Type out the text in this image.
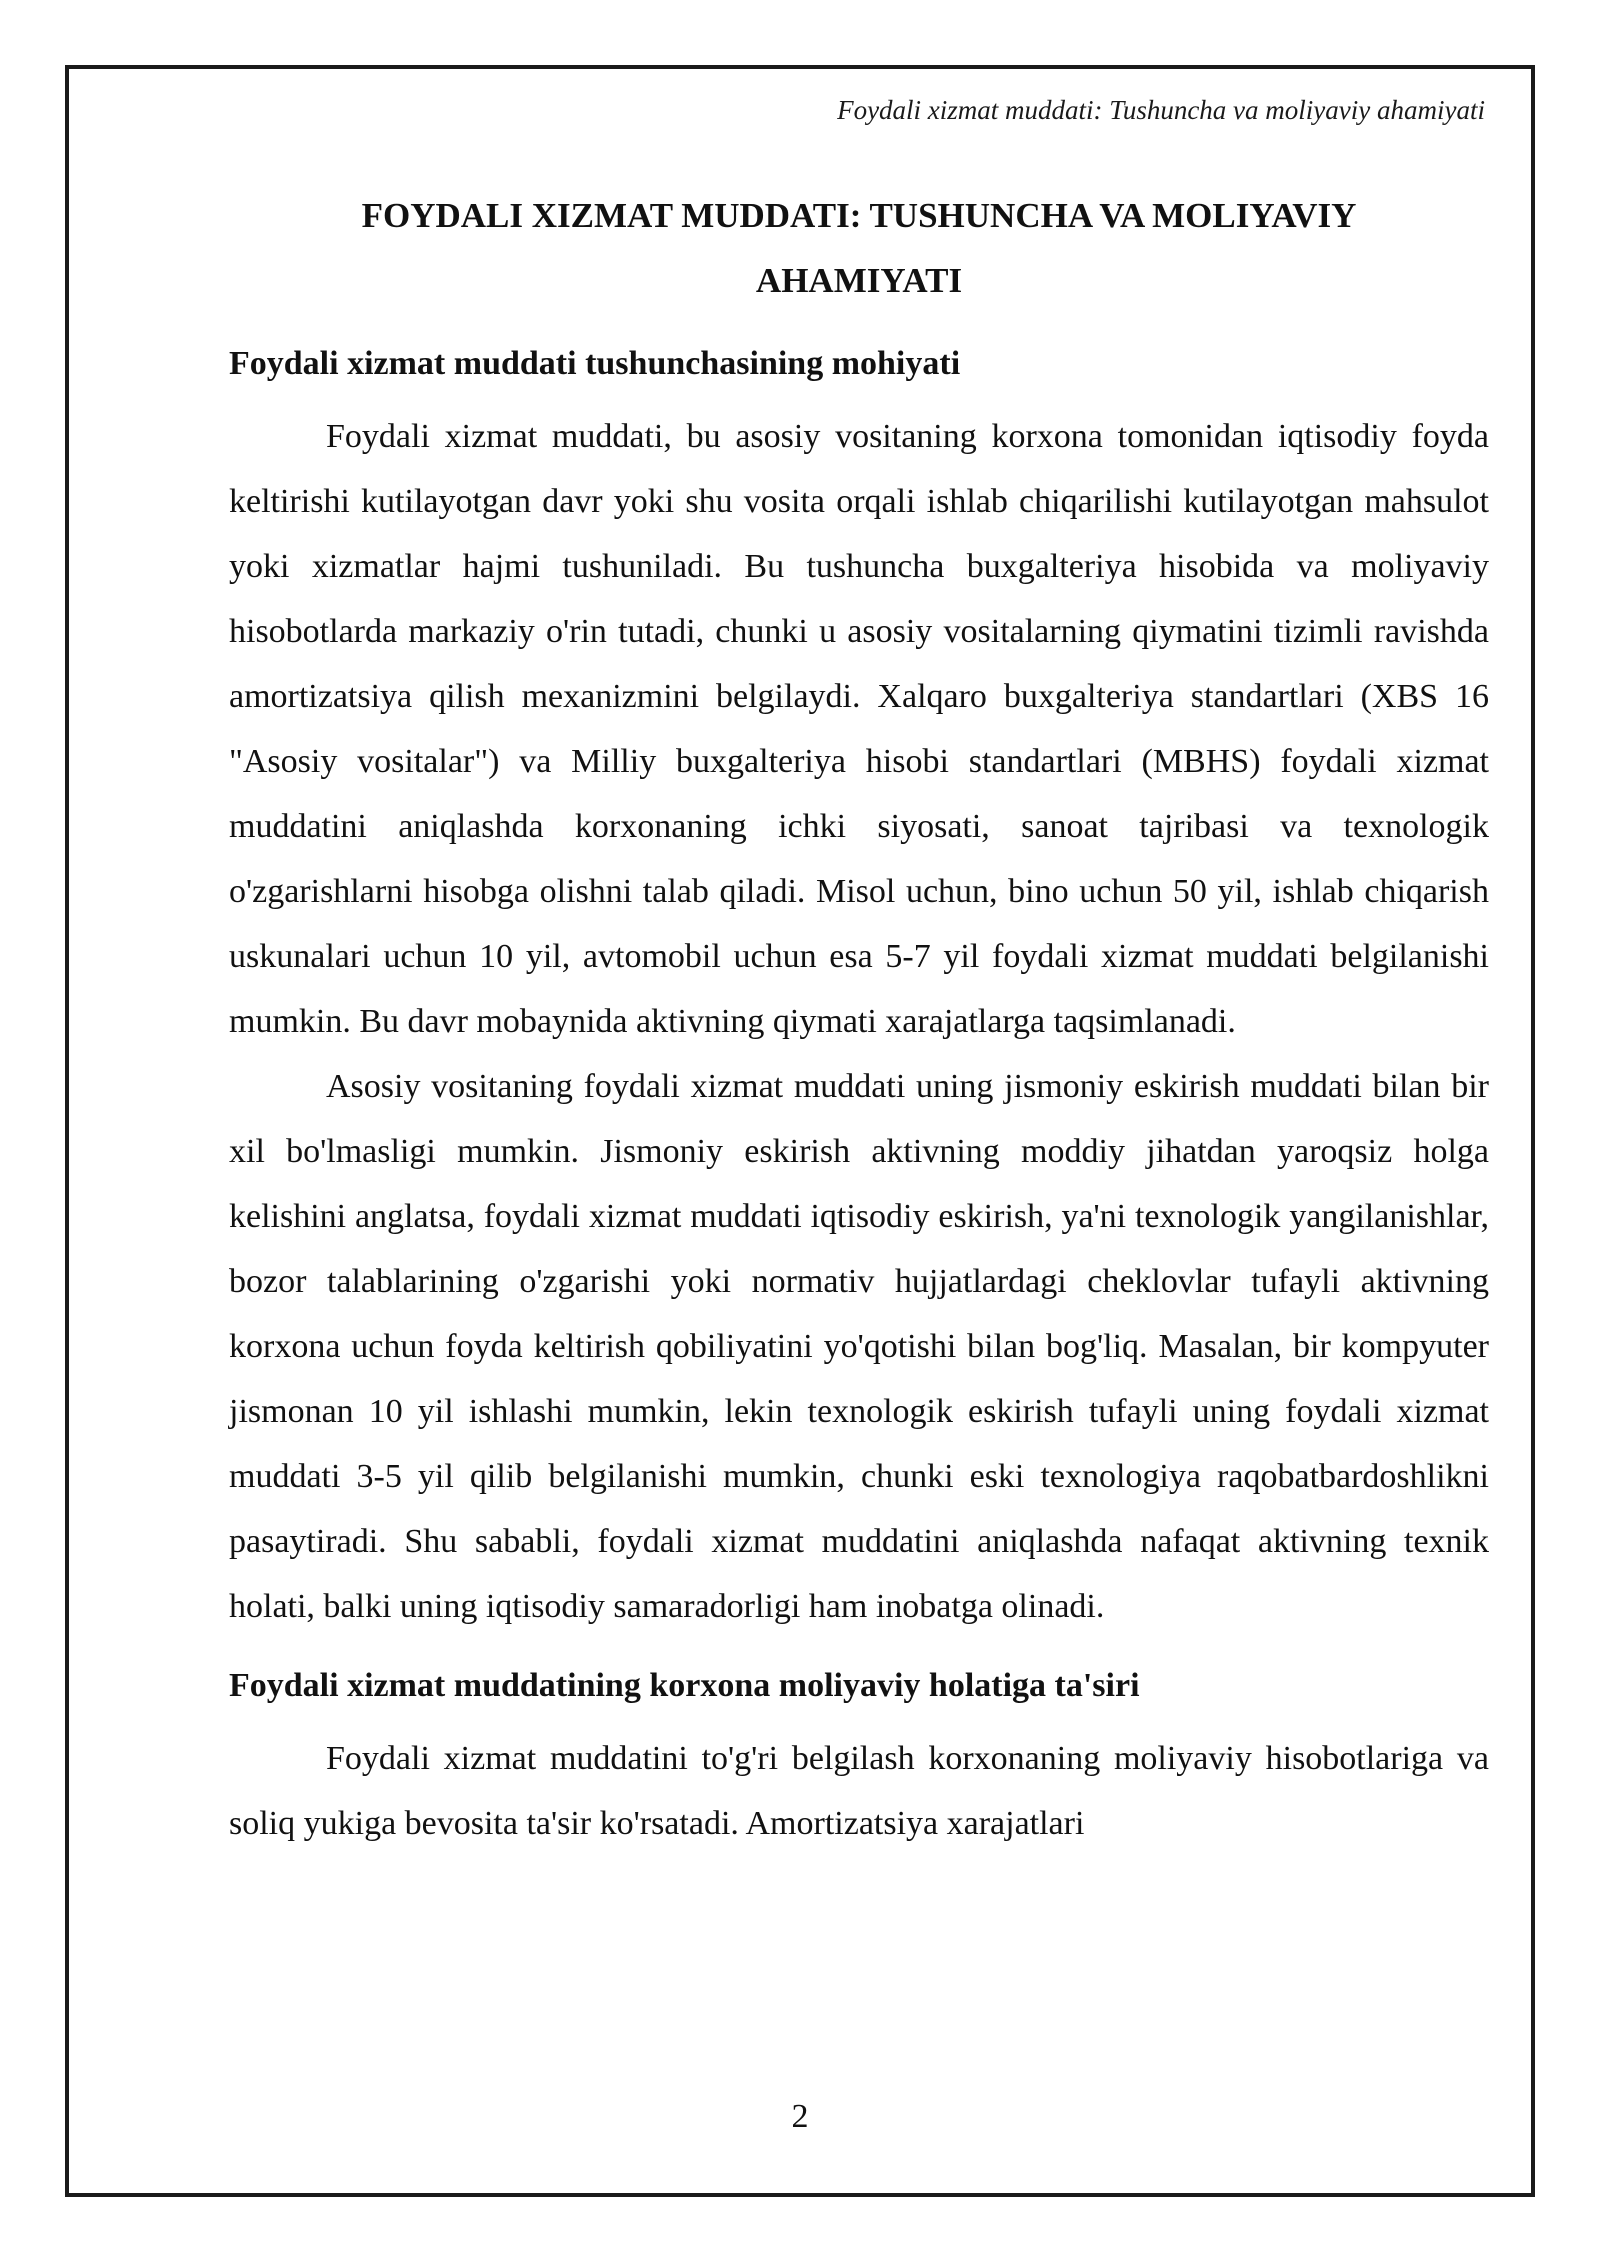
Foydali xizmat muddati: Tushuncha va moliyaviy ahamiyati
FOYDALI XIZMAT MUDDATI: TUSHUNCHA VA MOLIYAVIY AHAMIYATI
Foydali xizmat muddati tushunchasining mohiyati

Foydali xizmat muddati, bu asosiy vositaning korxona tomonidan iqtisodiy foyda keltirishi kutilayotgan davr yoki shu vosita orqali ishlab chiqarilishi kutilayotgan mahsulot yoki xizmatlar hajmi tushuniladi. Bu tushuncha buxgalteriya hisobida va moliyaviy hisobotlarda markaziy o'rin tutadi, chunki u asosiy vositalarning qiymatini tizimli ravishda amortizatsiya qilish mexanizmini belgilaydi. Xalqaro buxgalteriya standartlari (XBS 16 "Asosiy vositalar") va Milliy buxgalteriya hisobi standartlari (MBHS) foydali xizmat muddatini aniqlashda korxonaning ichki siyosati, sanoat tajribasi va texnologik o'zgarishlarni hisobga olishni talab qiladi. Misol uchun, bino uchun 50 yil, ishlab chiqarish uskunalari uchun 10 yil, avtomobil uchun esa 5-7 yil foydali xizmat muddati belgilanishi mumkin. Bu davr mobaynida aktivning qiymati xarajatlarga taqsimlanadi.

Asosiy vositaning foydali xizmat muddati uning jismoniy eskirish muddati bilan bir xil bo'lmasligi mumkin. Jismoniy eskirish aktivning moddiy jihatdan yaroqsiz holga kelishini anglatsa, foydali xizmat muddati iqtisodiy eskirish, ya'ni texnologik yangilanishlar, bozor talablarining o'zgarishi yoki normativ hujjatlardagi cheklovlar tufayli aktivning korxona uchun foyda keltirish qobiliyatini yo'qotishi bilan bog'liq. Masalan, bir kompyuter jismonan 10 yil ishlashi mumkin, lekin texnologik eskirish tufayli uning foydali xizmat muddati 3-5 yil qilib belgilanishi mumkin, chunki eski texnologiya raqobatbardoshlikni pasaytiradi. Shu sababli, foydali xizmat muddatini aniqlashda nafaqat aktivning texnik holati, balki uning iqtisodiy samaradorligi ham inobatga olinadi.

Foydali xizmat muddatining korxona moliyaviy holatiga ta'siri

Foydali xizmat muddatini to'g'ri belgilash korxonaning moliyaviy hisobotlariga va soliq yukiga bevosita ta'sir ko'rsatadi. Amortizatsiya xarajatlari

2
